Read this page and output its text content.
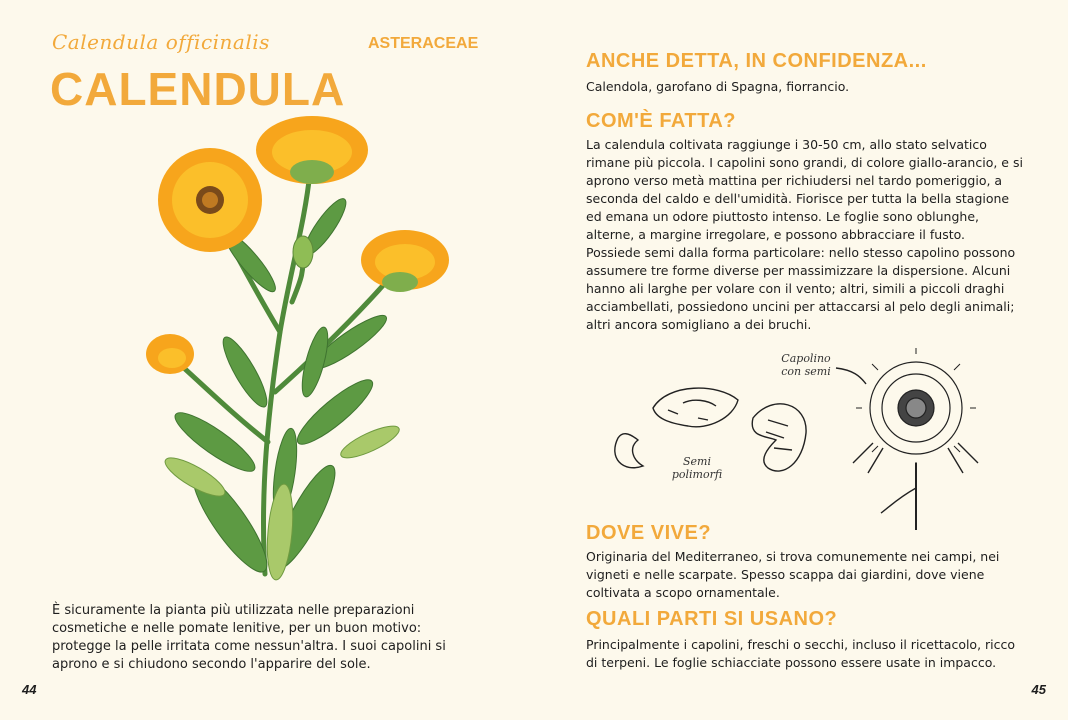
Calendula officinalis	ASTERACEAE
CALENDULA
È sicuramente la pianta più utilizzata nelle preparazioni cosmetiche e nelle pomate lenitive, per un buon motivo: protegge la pelle irritata come nessun'altra. I suoi capolini si aprono e si chiudono secondo l'apparire del sole.
44
ANCHE DETTA, IN CONFIDENZA...
Calendola, garofano di Spagna, fiorrancio.
COM'È FATTA?
La calendula coltivata raggiunge i 30-50 cm, allo stato selvatico rimane più piccola. I capolini sono grandi, di colore giallo-arancio, e si aprono verso metà mattina per richiudersi nel tardo pomeriggio, a seconda del caldo e dell'umidità. Fiorisce per tutta la bella stagione ed emana un odore piuttosto intenso. Le foglie sono oblunghe, alterne, a margine irregolare, e possono abbracciare il fusto.
Possiede semi dalla forma particolare: nello stesso capolino possono assumere tre forme diverse per massimizzare la dispersione. Alcuni hanno ali larghe per volare con il vento; altri, simili a piccoli draghi acciambellati, possiedono uncini per attaccarsi al pelo degli animali; altri ancora somigliano a dei bruchi.
Capolino con semi
Semi polimorfi
DOVE VIVE?
Originaria del Mediterraneo, si trova comunemente nei campi, nei vigneti e nelle scarpate. Spesso scappa dai giardini, dove viene coltivata a scopo ornamentale.
QUALI PARTI SI USANO?
Principalmente i capolini, freschi o secchi, incluso il ricettacolo, ricco di terpeni. Le foglie schiacciate possono essere usate in impacco.
45
